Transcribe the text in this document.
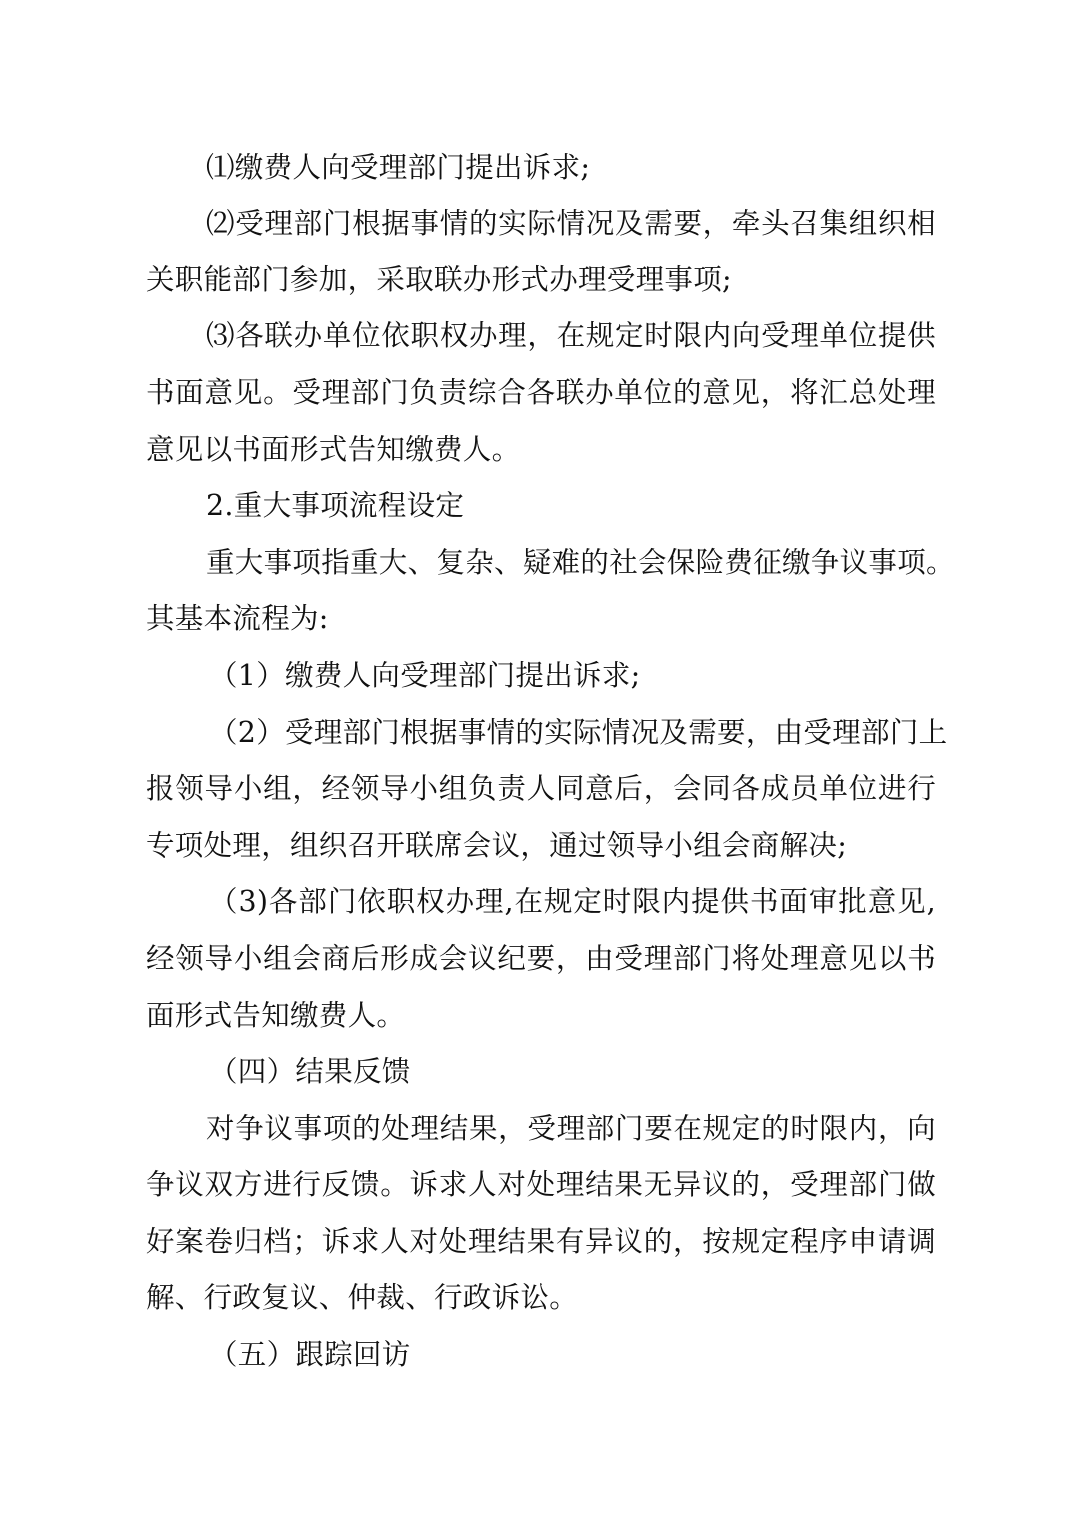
⑴缴费人向受理部门提出诉求;
⑵受理部门根据事情的实际情况及需要，牵头召集组织相
关职能部门参加，采取联办形式办理受理事项;
⑶各联办单位依职权办理，在规定时限内向受理单位提供
书面意见。受理部门负责综合各联办单位的意见，将汇总处理
意见以书面形式告知缴费人。
2.重大事项流程设定
重大事项指重大、复杂、疑难的社会保险费征缴争议事项。
其基本流程为:
（1）缴费人向受理部门提出诉求;
（2）受理部门根据事情的实际情况及需要，由受理部门上
报领导小组，经领导小组负责人同意后，会同各成员单位进行
专项处理，组织召开联席会议，通过领导小组会商解决;
（3)各部门依职权办理,在规定时限内提供书面审批意见,
经领导小组会商后形成会议纪要，由受理部门将处理意见以书
面形式告知缴费人。
（四）结果反馈
对争议事项的处理结果，受理部门要在规定的时限内，向
争议双方进行反馈。诉求人对处理结果无异议的，受理部门做
好案卷归档；诉求人对处理结果有异议的，按规定程序申请调
解、行政复议、仲裁、行政诉讼。
（五）跟踪回访
